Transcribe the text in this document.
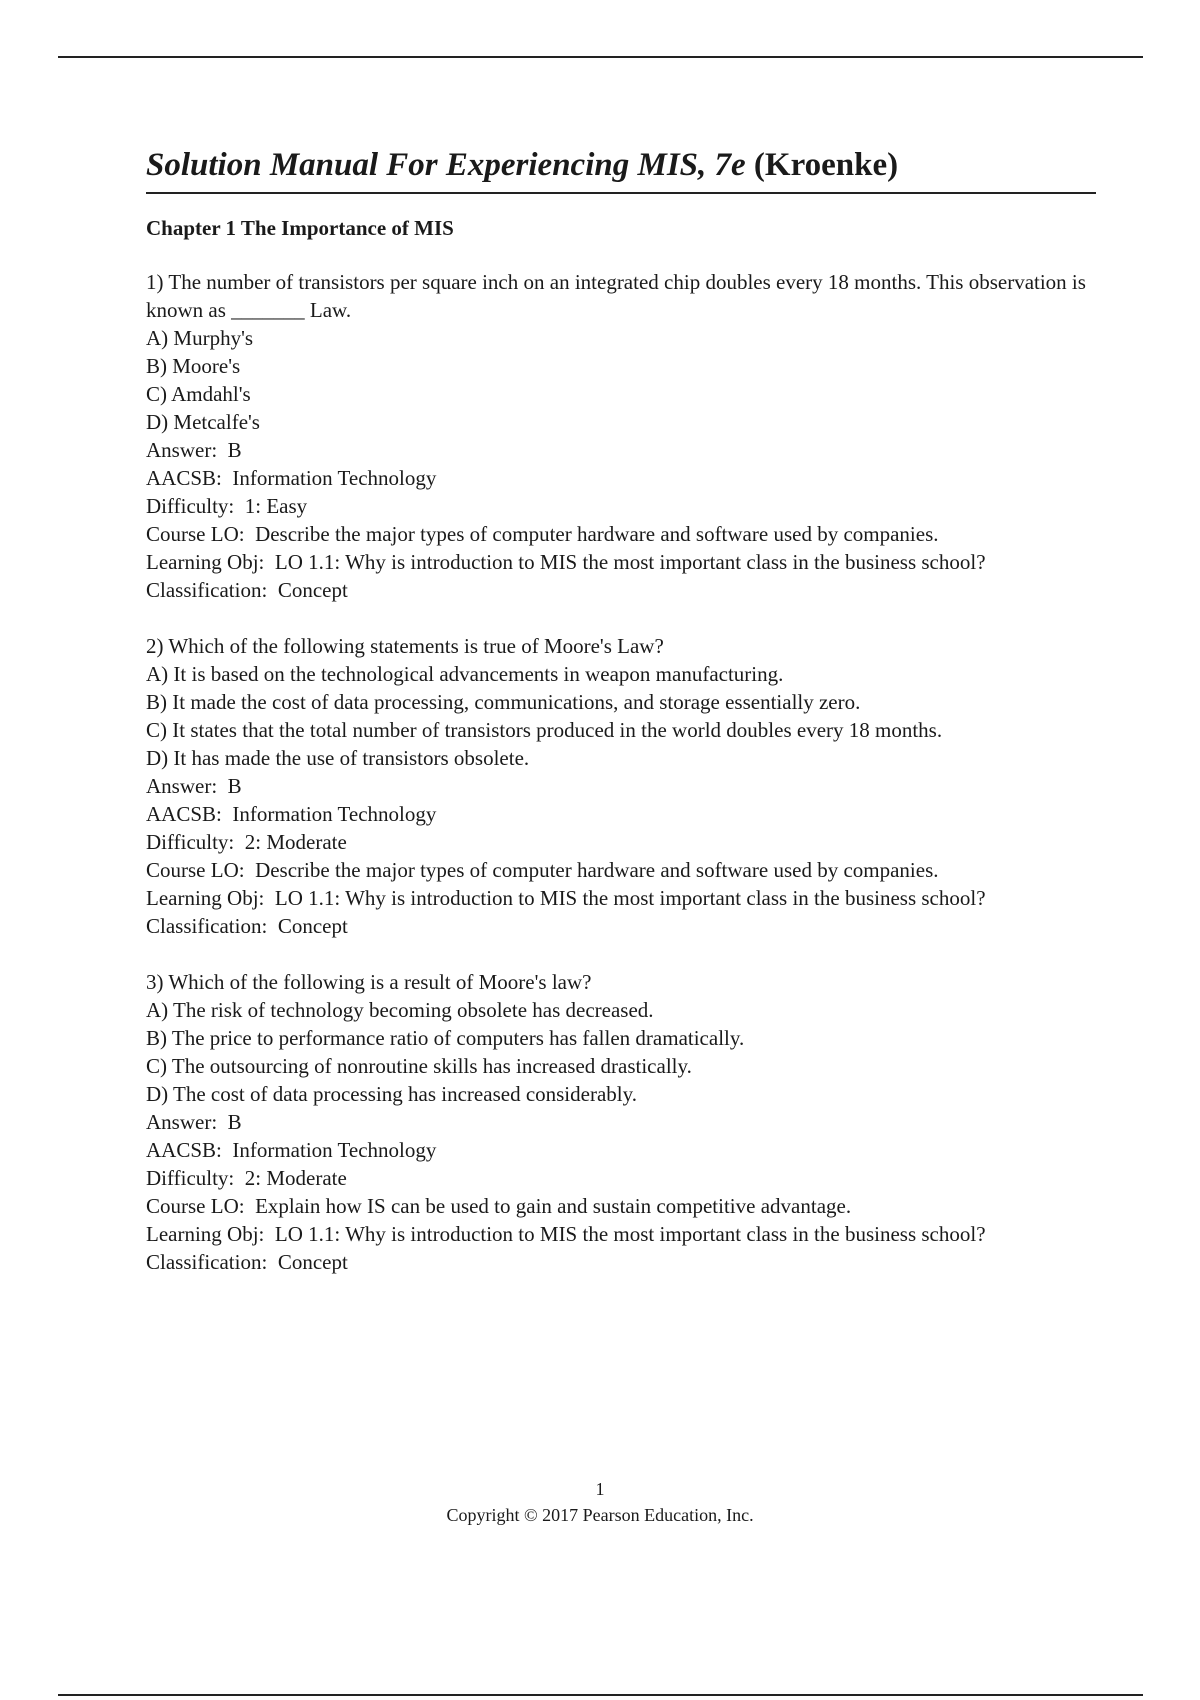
Solution Manual For Experiencing MIS, 7e (Kroenke)
Chapter 1 The Importance of MIS
1) The number of transistors per square inch on an integrated chip doubles every 18 months. This observation is known as _______ Law.
A) Murphy's
B) Moore's
C) Amdahl's
D) Metcalfe's
Answer:  B
AACSB:  Information Technology
Difficulty:  1: Easy
Course LO:  Describe the major types of computer hardware and software used by companies.
Learning Obj:  LO 1.1: Why is introduction to MIS the most important class in the business school?
Classification:  Concept
2) Which of the following statements is true of Moore's Law?
A) It is based on the technological advancements in weapon manufacturing.
B) It made the cost of data processing, communications, and storage essentially zero.
C) It states that the total number of transistors produced in the world doubles every 18 months.
D) It has made the use of transistors obsolete.
Answer:  B
AACSB:  Information Technology
Difficulty:  2: Moderate
Course LO:  Describe the major types of computer hardware and software used by companies.
Learning Obj:  LO 1.1: Why is introduction to MIS the most important class in the business school?
Classification:  Concept
3) Which of the following is a result of Moore's law?
A) The risk of technology becoming obsolete has decreased.
B) The price to performance ratio of computers has fallen dramatically.
C) The outsourcing of nonroutine skills has increased drastically.
D) The cost of data processing has increased considerably.
Answer:  B
AACSB:  Information Technology
Difficulty:  2: Moderate
Course LO:  Explain how IS can be used to gain and sustain competitive advantage.
Learning Obj:  LO 1.1: Why is introduction to MIS the most important class in the business school?
Classification:  Concept
1
Copyright © 2017 Pearson Education, Inc.
